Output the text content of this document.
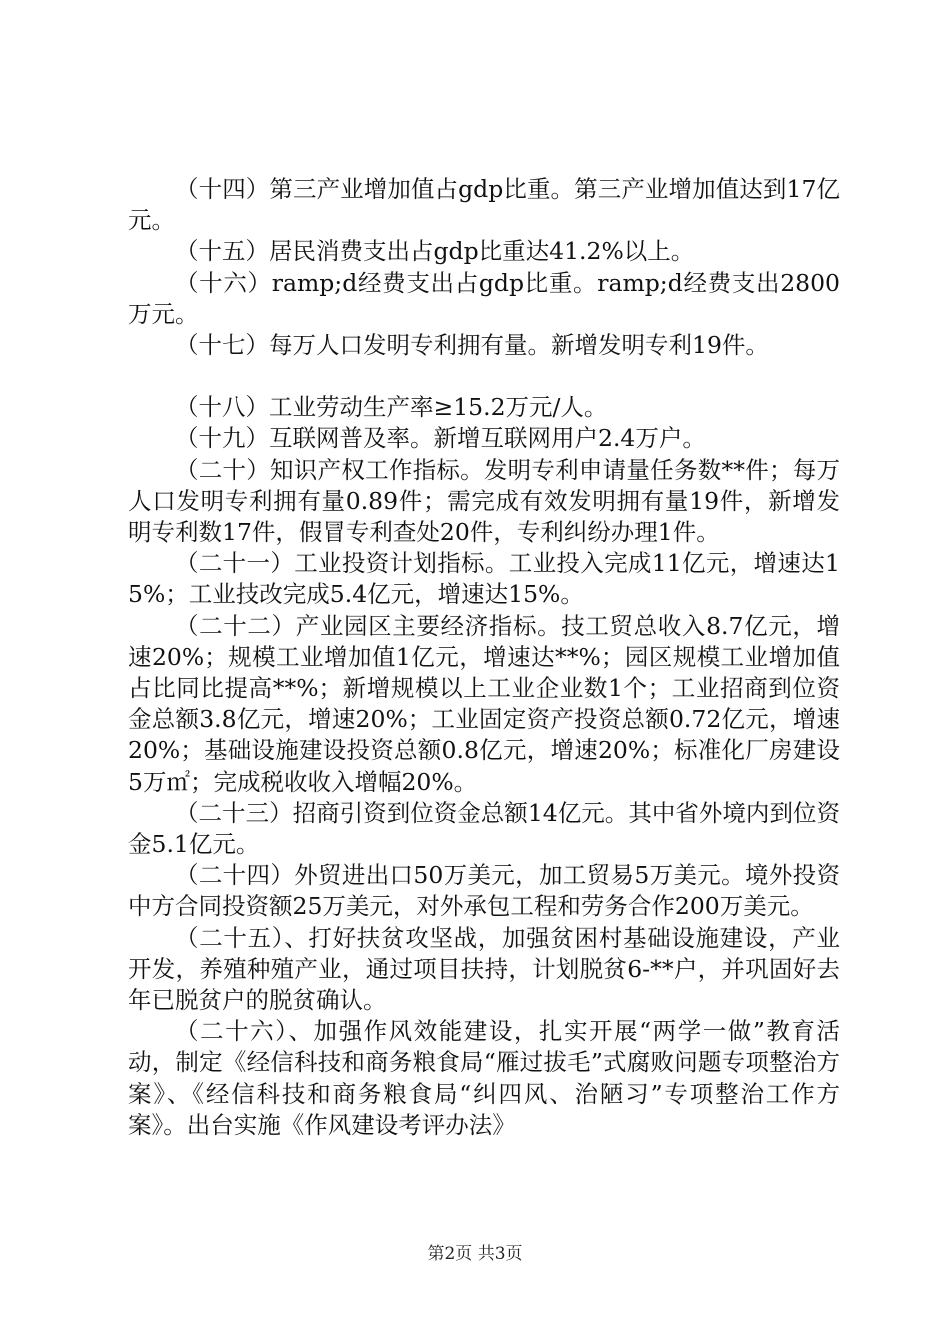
（十四）第三产业增加值占gdp比重。第三产业增加值达到17亿元。

（十五）居民消费支出占gdp比重达41.2%以上。

（十六）ramp;d经费支出占gdp比重。ramp;d经费支出2800万元。

（十七）每万人口发明专利拥有量。新增发明专利19件。

（十八）工业劳动生产率≥15.2万元/人。

（十九）互联网普及率。新增互联网用户2.4万户。

（二十）知识产权工作指标。发明专利申请量任务数**件；每万人口发明专利拥有量0.89件；需完成有效发明拥有量19件，新增发明专利数17件，假冒专利查处20件，专利纠纷办理1件。

（二十一）工业投资计划指标。工业投入完成11亿元，增速达15%；工业技改完成5.4亿元，增速达15%。

（二十二）产业园区主要经济指标。技工贸总收入8.7亿元，增速20%；规模工业增加值1亿元，增速达**%；园区规模工业增加值占比同比提高**%；新增规模以上工业企业数1个；工业招商到位资金总额3.8亿元，增速20%；工业固定资产投资总额0.72亿元，增速20%；基础设施建设投资总额0.8亿元，增速20%；标准化厂房建设5万㎡；完成税收收入增幅20%。

（二十三）招商引资到位资金总额14亿元。其中省外境内到位资金5.1亿元。

（二十四）外贸进出口50万美元，加工贸易5万美元。境外投资中方合同投资额25万美元，对外承包工程和劳务合作200万美元。

（二十五）、打好扶贫攻坚战，加强贫困村基础设施建设，产业开发，养殖种殖产业，通过项目扶持，计划脱贫6-**户，并巩固好去年已脱贫户的脱贫确认。

（二十六）、加强作风效能建设，扎实开展“两学一做”教育活动，制定《经信科技和商务粮食局“雁过拔毛”式腐败问题专项整治方案》、《经信科技和商务粮食局“纠四风、治陋习”专项整治工作方案》。出台实施《作风建设考评办法》

第2页 共3页
